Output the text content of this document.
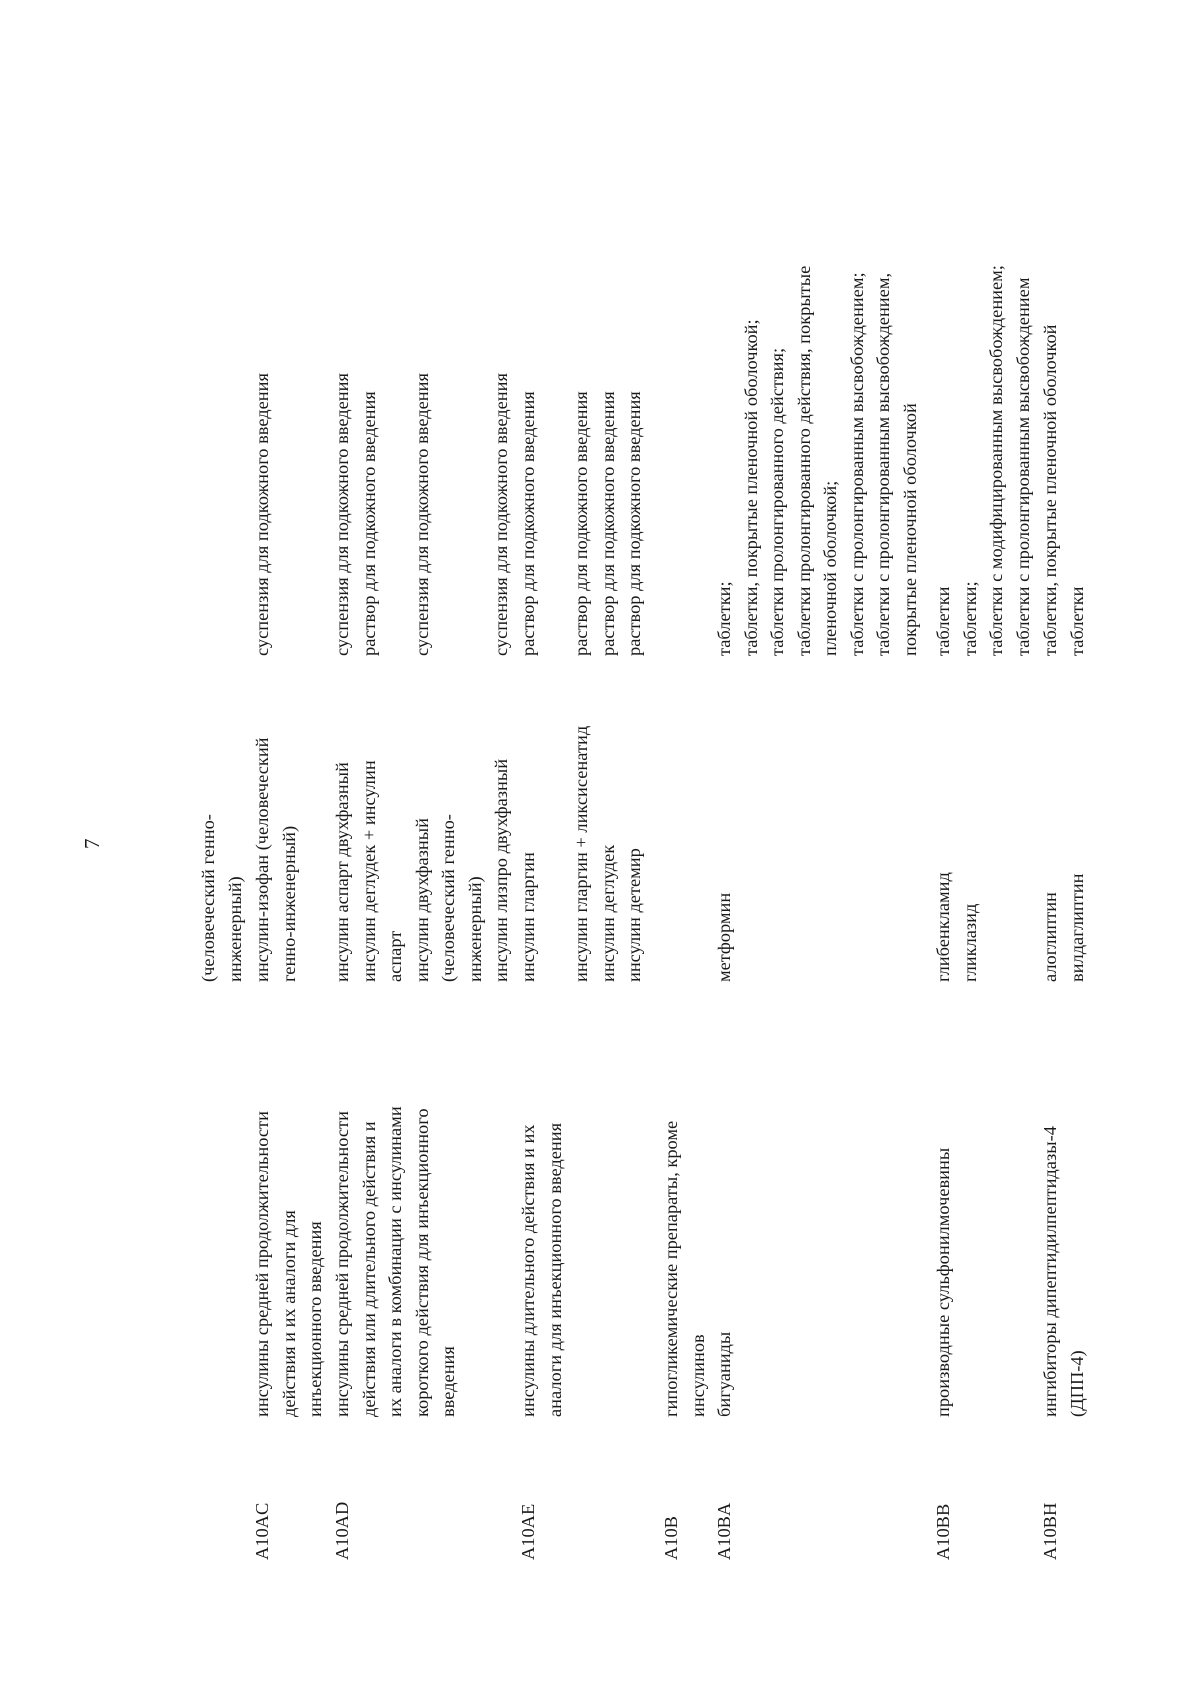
7	(человеческий генно- инженерный)
A10AC
инсулины средней продолжительности действия и их аналоги для инъекционного введения
инсулин-изофан (человеческий генно-инженерный)
суспензия для подкожного введения
A10AD
инсулины средней продолжительности действия или длительного действия и их аналоги в комбинации с инсулинами короткого действия для инъекционного введения
инсулин аспарт двухфазный инсулин деглудек + инсулин аспарт инсулин двухфазный (человеческий генно- инженерный) инсулин лизпро двухфазный
суспензия для подкожного введения раствор для подкожного введения
суспензия для подкожного введения

	суспензия для подкожного введения
A10AE
инсулины длительного действия и их аналоги для инъекционного введения
инсулин гларгин
инсулин гларгин + ликсисенатид инсулин деглудек инсулин детемир
раствор для подкожного введения
раствор для подкожного введения раствор для подкожного введения раствор для подкожного введения
A10B
гипогликемические препараты, кроме инсулинов
A10BA
бигуаниды
метформин
таблетки; таблетки, покрытые пленочной оболочкой; таблетки пролонгированного действия; таблетки пролонгированного действия, покрытые пленочной оболочкой; таблетки с пролонгированным высвобождением; таблетки с пролонгированным высвобождением, покрытые пленочной оболочкой
A10BB
производные сульфонилмочевины
глибенкламид гликлазид
таблетки таблетки; таблетки с модифицированным высвобождением; таблетки с пролонгированным высвобождением
A10BH
ингибиторы дипептидилпептидазы-4 (ДПП-4)
алоглиптин вилдаглиптин
таблетки, покрытые пленочной оболочкой таблетки
